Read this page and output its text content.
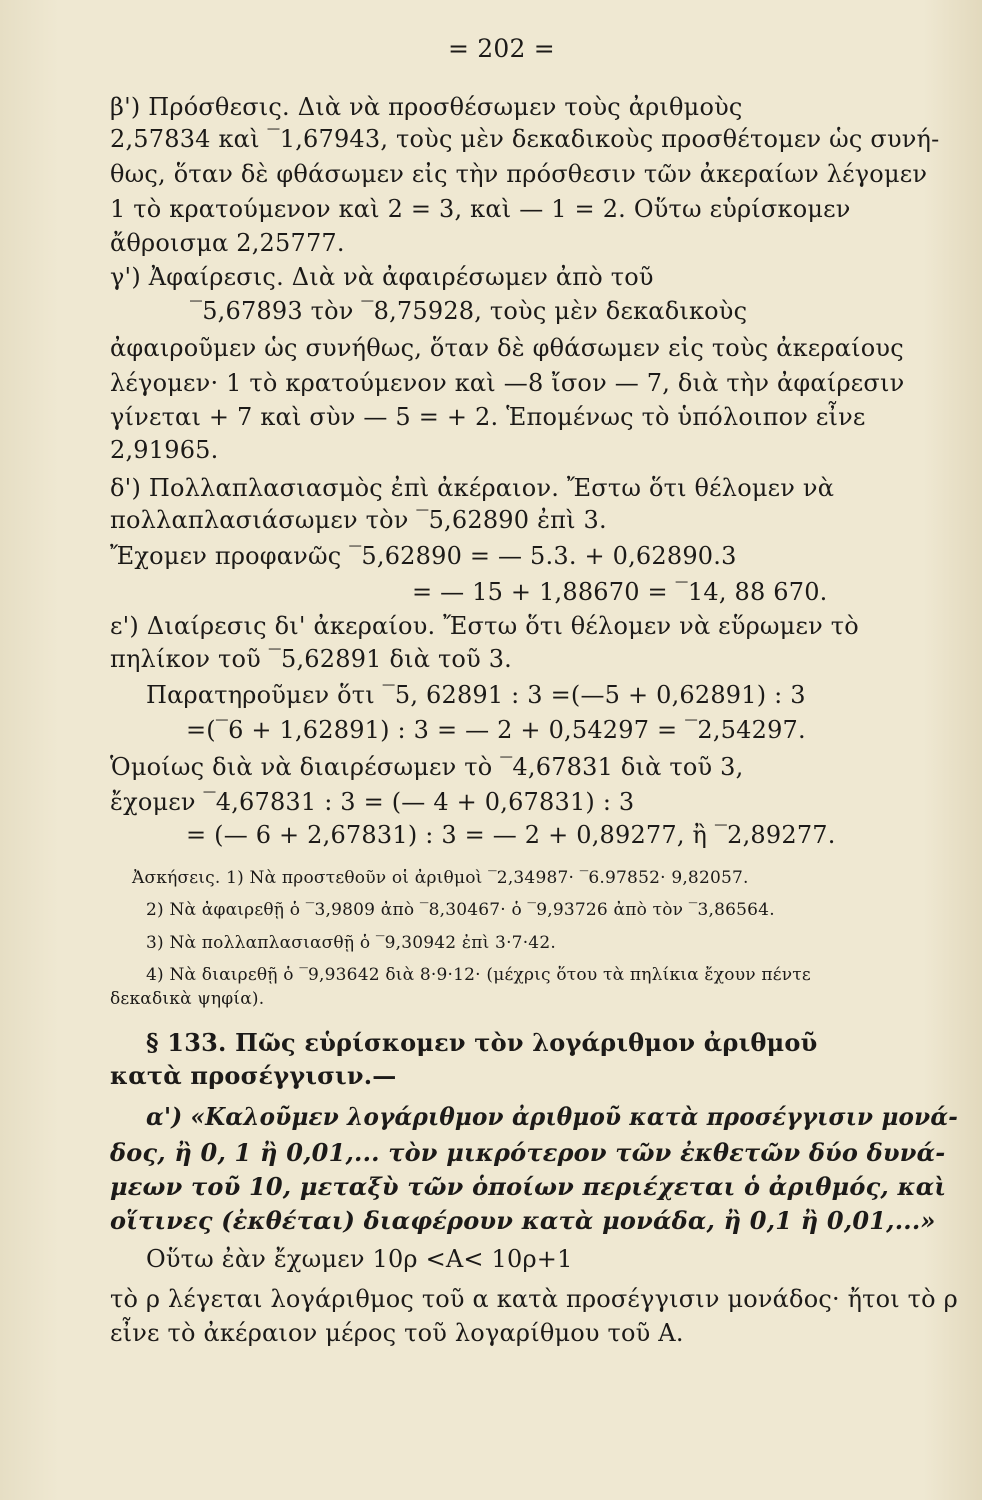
= 202 =
β') Πρόσθεσις. Διὰ νὰ προσθέσωμεν τοὺς ἀριθμοὺς
2,57834 καὶ ‾1,67943, τοὺς μὲν δεκαδικοὺς προσθέτομεν ὡς συνή-
θως, ὅταν δὲ φθάσωμεν εἰς τὴν πρόσθεσιν τῶν ἀκεραίων λέγομεν
1 τὸ κρατούμενον καὶ 2 = 3, καὶ — 1 = 2. Οὕτω εὑρίσκομεν
ἄθροισμα 2,25777.
γ') Ἀφαίρεσις. Διὰ νὰ ἀφαιρέσωμεν ἀπὸ τοῦ
‾5,67893 τὸν ‾8,75928, τοὺς μὲν δεκαδικοὺς
ἀφαιροῦμεν ὡς συνήθως, ὅταν δὲ φθάσωμεν εἰς τοὺς ἀκεραίους
λέγομεν· 1 τὸ κρατούμενον καὶ —8 ἴσον — 7, διὰ τὴν ἀφαίρεσιν
γίνεται + 7 καὶ σὺν — 5 = + 2. Ἑπομένως τὸ ὑπόλοιπον εἶνε
2,91965.
δ') Πολλαπλασιασμὸς ἐπὶ ἀκέραιον. Ἔστω ὅτι θέλομεν νὰ
πολλαπλασιάσωμεν τὸν ‾5,62890 ἐπὶ 3.
Ἔχομεν προφανῶς ‾5,62890 = — 5.3. + 0,62890.3
= — 15 + 1,88670 = ‾14, 88 670.
ε') Διαίρεσις δι' ἀκεραίου. Ἔστω ὅτι θέλομεν νὰ εὕρωμεν τὸ
πηλίκον τοῦ ‾5,62891 διὰ τοῦ 3.
Παρατηροῦμεν ὅτι ‾5, 62891 : 3 =(—5 + 0,62891) : 3
=(‾6 + 1,62891) : 3 = — 2 + 0,54297 = ‾2,54297.
Ὁμοίως διὰ νὰ διαιρέσωμεν τὸ ‾4,67831 διὰ τοῦ 3,
ἔχομεν ‾4,67831 : 3 = (— 4 + 0,67831) : 3
= (— 6 + 2,67831) : 3 = — 2 + 0,89277, ἢ ‾2,89277.
Ἀσκήσεις. 1) Νὰ προστεθοῦν οἱ ἀριθμοὶ ‾2,34987· ‾6.97852· 9,82057.
2) Νὰ ἀφαιρεθῇ ὁ ‾3,9809 ἀπὸ ‾8,30467· ὁ ‾9,93726 ἀπὸ τὸν ‾3,86564.
3) Νὰ πολλαπλασιασθῇ ὁ ‾9,30942 ἐπὶ 3·7·42.
4) Νὰ διαιρεθῇ ὁ ‾9,93642 διὰ 8·9·12· (μέχρις ὅτου τὰ πηλίκια ἔχουν πέντε
δεκαδικὰ ψηφία).
§ 133. Πῶς εὑρίσκομεν τὸν λογάριθμον ἀριθμοῦ
κατὰ προσέγγισιν.—
α') «Καλοῦμεν λογάριθμον ἀριθμοῦ κατὰ προσέγγισιν μονά-
δος, ἢ 0, 1 ἢ 0,01,... τὸν μικρότερον τῶν ἐκθετῶν δύο δυνά-
μεων τοῦ 10, μεταξὺ τῶν ὁποίων περιέχεται ὁ ἀριθμός, καὶ
οἵτινες (ἐκθέται) διαφέρουν κατὰ μονάδα, ἢ 0,1 ἢ 0,01,...»
Οὕτω ἐὰν ἔχωμεν 10ρ <Α< 10ρ+1
τὸ ρ λέγεται λογάριθμος τοῦ α κατὰ προσέγγισιν μονάδος· ἤτοι τὸ ρ
εἶνε τὸ ἀκέραιον μέρος τοῦ λογαρίθμου τοῦ Α.
